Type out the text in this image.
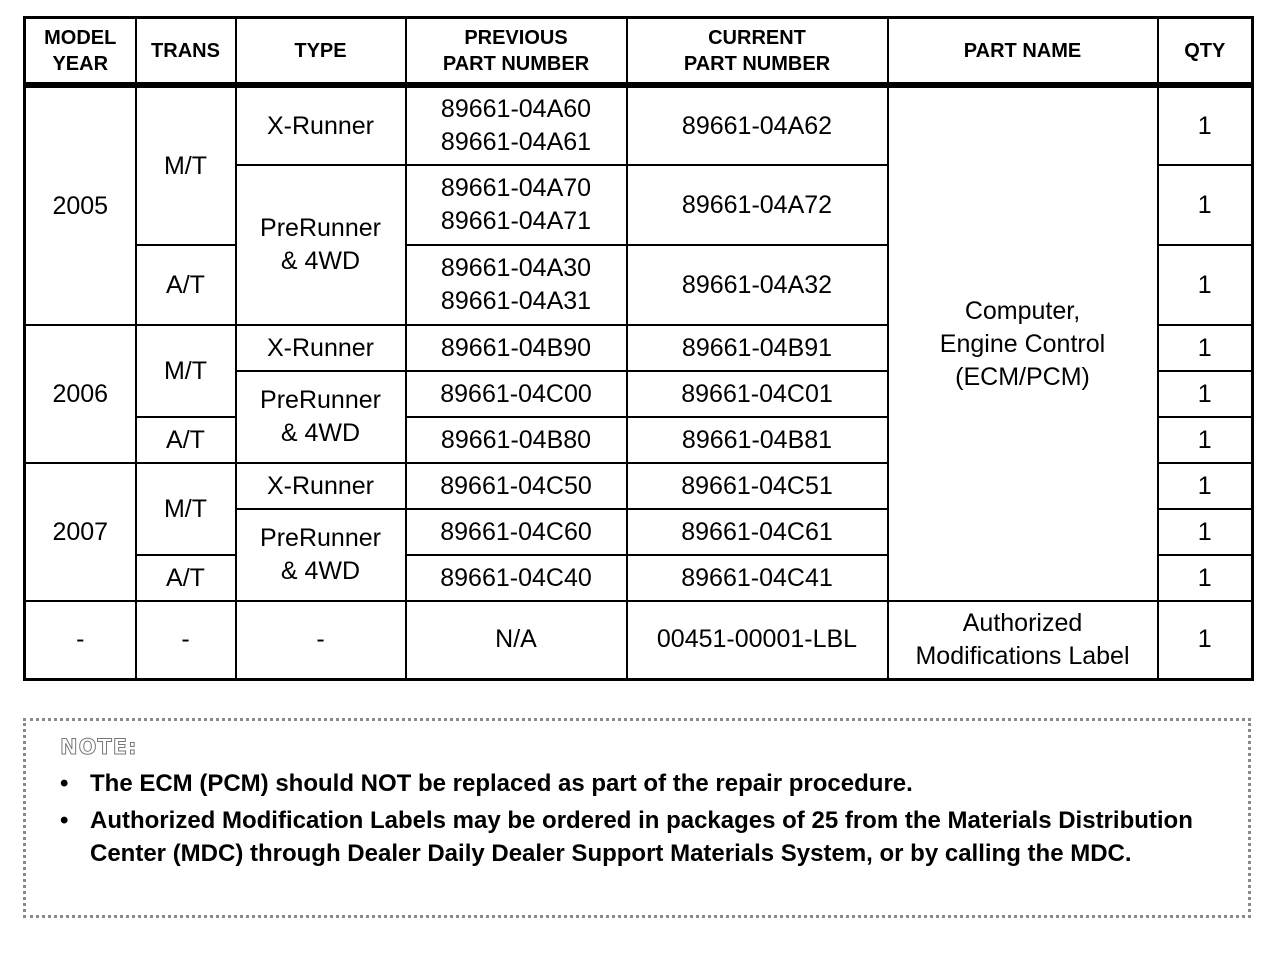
MODEL
YEAR	TRANS	TYPE	PREVIOUS
PART NUMBER	CURRENT
PART NUMBER	PART NAME	QTY
2005	M/T	X-Runner	89661-04A60
89661-04A61	89661-04A62	Computer,
Engine Control
(ECM/PCM)	1

		PreRunner
& 4WD	89661-04A70
89661-04A71	89661-04A72		1
	A/T		89661-04A30
89661-04A31	89661-04A32		1
2006	M/T	X-Runner	89661-04B90	89661-04B91		1

		PreRunner
& 4WD	89661-04C00	89661-04C01		1
	A/T		89661-04B80	89661-04B81		1
2007	M/T	X-Runner	89661-04C50	89661-04C51		1

		PreRunner
& 4WD	89661-04C60	89661-04C61		1
	A/T		89661-04C40	89661-04C41		1
-	-	-	N/A	00451-00001-LBL	Authorized
Modifications Label	1
NOTE:
• The ECM (PCM) should NOT be replaced as part of the repair procedure.
• Authorized Modification Labels may be ordered in packages of 25 from the Materials Distribution Center (MDC) through Dealer Daily Dealer Support Materials System, or by calling the MDC.
